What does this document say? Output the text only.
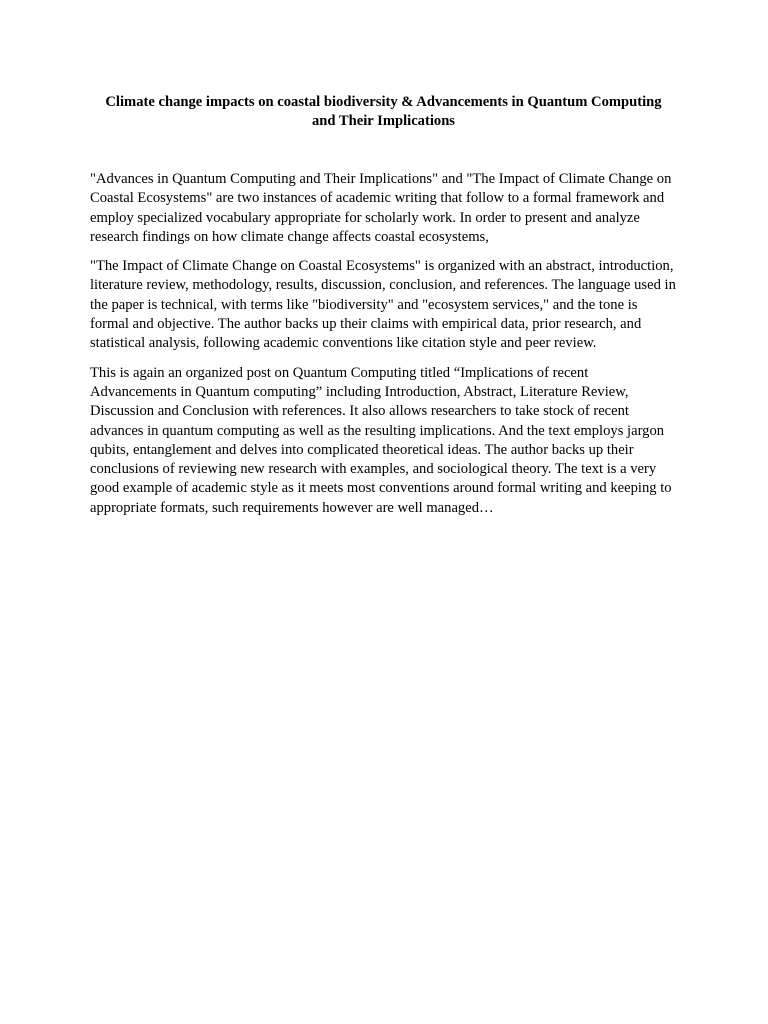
Climate change impacts on coastal biodiversity & Advancements in Quantum Computing and Their Implications

"Advances in Quantum Computing and Their Implications" and "The Impact of Climate Change on Coastal Ecosystems" are two instances of academic writing that follow to a formal framework and employ specialized vocabulary appropriate for scholarly work. In order to present and analyze research findings on how climate change affects coastal ecosystems,

"The Impact of Climate Change on Coastal Ecosystems" is organized with an abstract, introduction, literature review, methodology, results, discussion, conclusion, and references. The language used in the paper is technical, with terms like "biodiversity" and "ecosystem services," and the tone is formal and objective. The author backs up their claims with empirical data, prior research, and statistical analysis, following academic conventions like citation style and peer review.

This is again an organized post on Quantum Computing titled “Implications of recent Advancements in Quantum computing” including Introduction, Abstract, Literature Review, Discussion and Conclusion with references. It also allows researchers to take stock of recent advances in quantum computing as well as the resulting implications. And the text employs jargon qubits, entanglement and delves into complicated theoretical ideas. The author backs up their conclusions of reviewing new research with examples, and sociological theory. The text is a very good example of academic style as it meets most conventions around formal writing and keeping to appropriate formats, such requirements however are well managed…
